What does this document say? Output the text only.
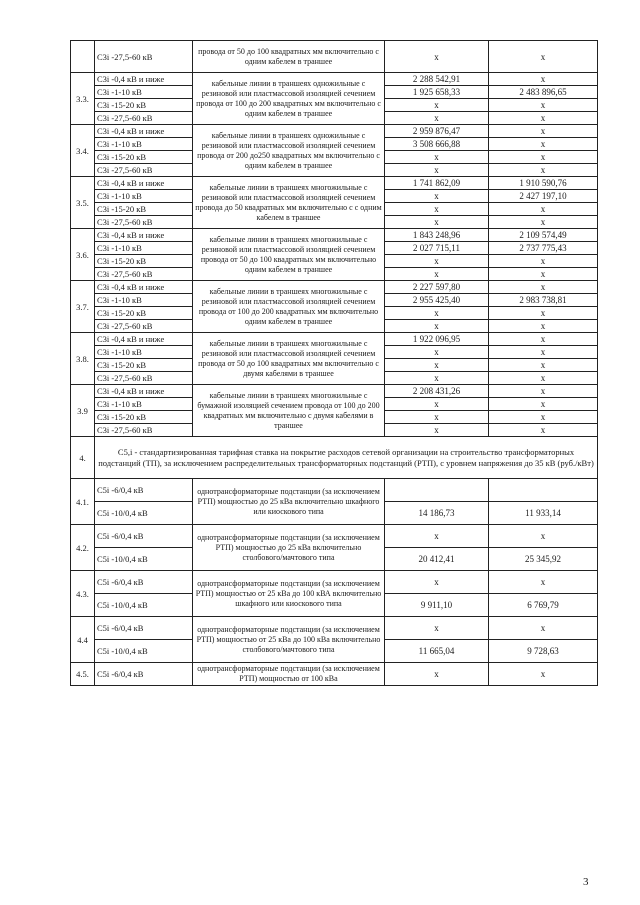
	С3i -27,5-60 кВ	провода от 50 до 100 квадратных мм включительно с одним кабелем в траншее	x	x
3.3.	С3i -0,4 кВ и ниже	кабельные линии в траншеях одножильные с резиновой или пластмассовой изоляцией сечением провода от 100 до 200 квадратных мм включительно с одним кабелем в траншее	2 288 542,91	x
	С3i -1-10 кВ		1 925 658,33	2 483 896,65
	С3i -15-20 кВ		x	x
	С3i -27,5-60 кВ		x	x
3.4.	С3i -0,4 кВ и ниже	кабельные линии в траншеях одножильные с резиновой или пластмассовой изоляцией сечением провода от 200 до250 квадратных мм включительно с одним кабелем в траншее	2 959 876,47	x
	С3i -1-10 кВ		3 508 666,88	x
	С3i -15-20 кВ		x	x
	С3i -27,5-60 кВ		x	x
3.5.	С3i -0,4 кВ и ниже	кабельные линии в траншеях многожильные с резиновой или пластмассовой изоляцией сечением провода до 50 квадратных мм включительно с с одним кабелем в траншее	1 741 862,09	1 910 590,76
	С3i -1-10 кВ		x	2 427 197,10
	С3i -15-20 кВ		x	x
	С3i -27,5-60 кВ		x	x
3.6.	С3i -0,4 кВ и ниже	кабельные линии в траншеях многожильные с резиновой или пластмассовой изоляцией сечением провода от 50 до 100 квадратных мм включительно одним кабелем в траншее	1 843 248,96	2 109 574,49
	С3i -1-10 кВ		2 027 715,11	2 737 775,43
	С3i -15-20 кВ		x	x
	С3i -27,5-60 кВ		x	x
3.7.	С3i -0,4 кВ и ниже	кабельные линии в траншеях многожильные с резиновой или пластмассовой изоляцией сечением провода от 100 до 200 квадратных мм включительно одним кабелем в траншее	2 227 597,80	x
	С3i -1-10 кВ		2 955 425,40	2 983 738,81
	С3i -15-20 кВ		x	x
	С3i -27,5-60 кВ		x	x
3.8.	С3i -0,4 кВ и ниже	кабельные линии в траншеях многожильные с резиновой или пластмассовой изоляцией сечением провода от 50 до 100 квадратных мм включительно с двумя кабелями в траншее	1 922 096,95	x
	С3i -1-10 кВ		x	x
	С3i -15-20 кВ		x	x
	С3i -27,5-60 кВ		x	x
3.9	С3i -0,4 кВ и ниже	кабельные линии в траншеях многожильные с бумажной изоляцией сечением провода от 100 до 200 квадратных мм включительно с двумя кабелями в траншее	2 208 431,26	x
	С3i -1-10 кВ		x	x
	С3i -15-20 кВ		x	x
	С3i -27,5-60 кВ		x	x
4.	С5,i - стандартизированная тарифная ставка на покрытие расходов сетевой организации на строительство трансформаторных подстанций (ТП), за исключением распределительных трансформаторных подстанций (РТП), с уровнем напряжения до 35 кВ (руб./кВт)			
4.1.	С5i -6/0,4 кВ	однотрансформаторные подстанции (за исключением РТП) мощностью до 25 кВа включительно шкафного или киоскового типа		
	С5i -10/0,4 кВ		14 186,73	11 933,14
4.2.	С5i -6/0,4 кВ	однотрансформаторные подстанции (за исключением РТП) мощностью до 25 кВа включительно столбового/мачтового типа	x	x
	С5i -10/0,4 кВ		20 412,41	25 345,92
4.3.	С5i -6/0,4 кВ	однотрансформаторные подстанции (за исключением РТП) мощностью от 25 кВа до 100 кВА включительно шкафного или киоскового типа	x	x
	С5i -10/0,4 кВ		9 911,10	6 769,79
4.4	С5i -6/0,4 кВ	однотрансформаторные подстанции (за исключением РТП) мощностью от 25 кВа до 100 кВа включительно столбового/мачтового типа	x	x
	С5i -10/0,4 кВ		11 665,04	9 728,63
4.5.	С5i -6/0,4 кВ	однотрансформаторные подстанции (за исключением РТП) мощностью от 100 кВа	x	x
3
